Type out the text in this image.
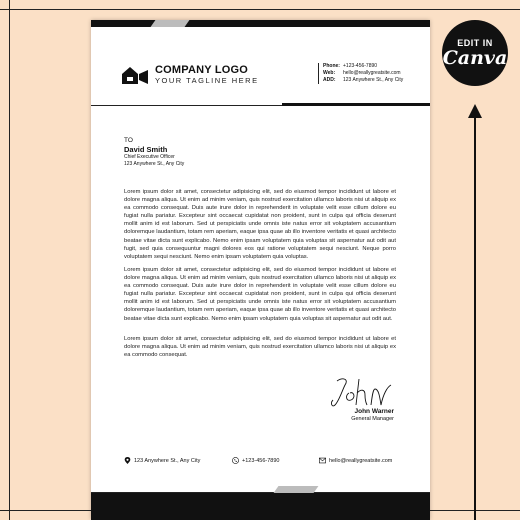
EDIT IN
Canva
COMPANY LOGO
YOUR TAGLINE HERE
Phone: +123-456-7890
Web: hello@reallygreatsite.com
ADD: 123 Anywhere St., Any City
TO
David Smith
Chief Executive Officer
123 Anywhere St., Any City

Lorem ipsum dolor sit amet, consectetur adipisicing elit, sed do eiusmod tempor incididunt ut labore et dolore magna aliqua. Ut enim ad minim veniam, quis nostrud exercitation ullamco laboris nisi ut aliquip ex ea commodo consequat. Duis aute irure dolor in reprehenderit in voluptate velit esse cillum dolore eu fugiat nulla pariatur. Excepteur sint occaecat cupidatat non proident, sunt in culpa qui officia deserunt mollit anim id est laborum. Sed ut perspiciatis unde omnis iste natus error sit voluptatem accusantium doloremque laudantium, totam rem aperiam, eaque ipsa quae ab illo inventore veritatis et quasi architecto beatae vitae dicta sunt explicabo. Nemo enim ipsam voluptatem quia voluptas sit aspernatur aut odit aut fugit, sed quia consequuntur magni dolores eos qui ratione voluptatem sequi nesciunt. Neque porro voluptatem sequi nesciunt. Nemo enim ipsam voluptatem quia voluptas.

Lorem ipsum dolor sit amet, consectetur adipisicing elit, sed do eiusmod tempor incididunt ut labore et dolore magna aliqua. Ut enim ad minim veniam, quis nostrud exercitation ullamco laboris nisi ut aliquip ex ea commodo consequat. Duis aute irure dolor in reprehenderit in voluptate velit esse cillum dolore eu fugiat nulla pariatur. Excepteur sint occaecat cupidatat non proident, sunt in culpa qui officia deserunt mollit anim id est laborum. Sed ut perspiciatis unde omnis iste natus error sit voluptatem accusantium doloremque laudantium, totam rem aperiam, eaque ipsa quae ab illo inventore veritatis et quasi architecto beatae vitae dicta sunt explicabo. Nemo enim ipsam voluptatem quia voluptas sit aspernatur aut odit aut.

Lorem ipsum dolor sit amet, consectetur adipisicing elit, sed do eiusmod tempor incididunt ut labore et dolore magna aliqua. Ut enim ad minim veniam, quis nostrud exercitation ullamco laboris nisi ut aliquip ex ea commodo consequat.

John Warner
General Manager
123 Anywhere St., Any City	+123-456-7890	hello@reallygreatsite.com
